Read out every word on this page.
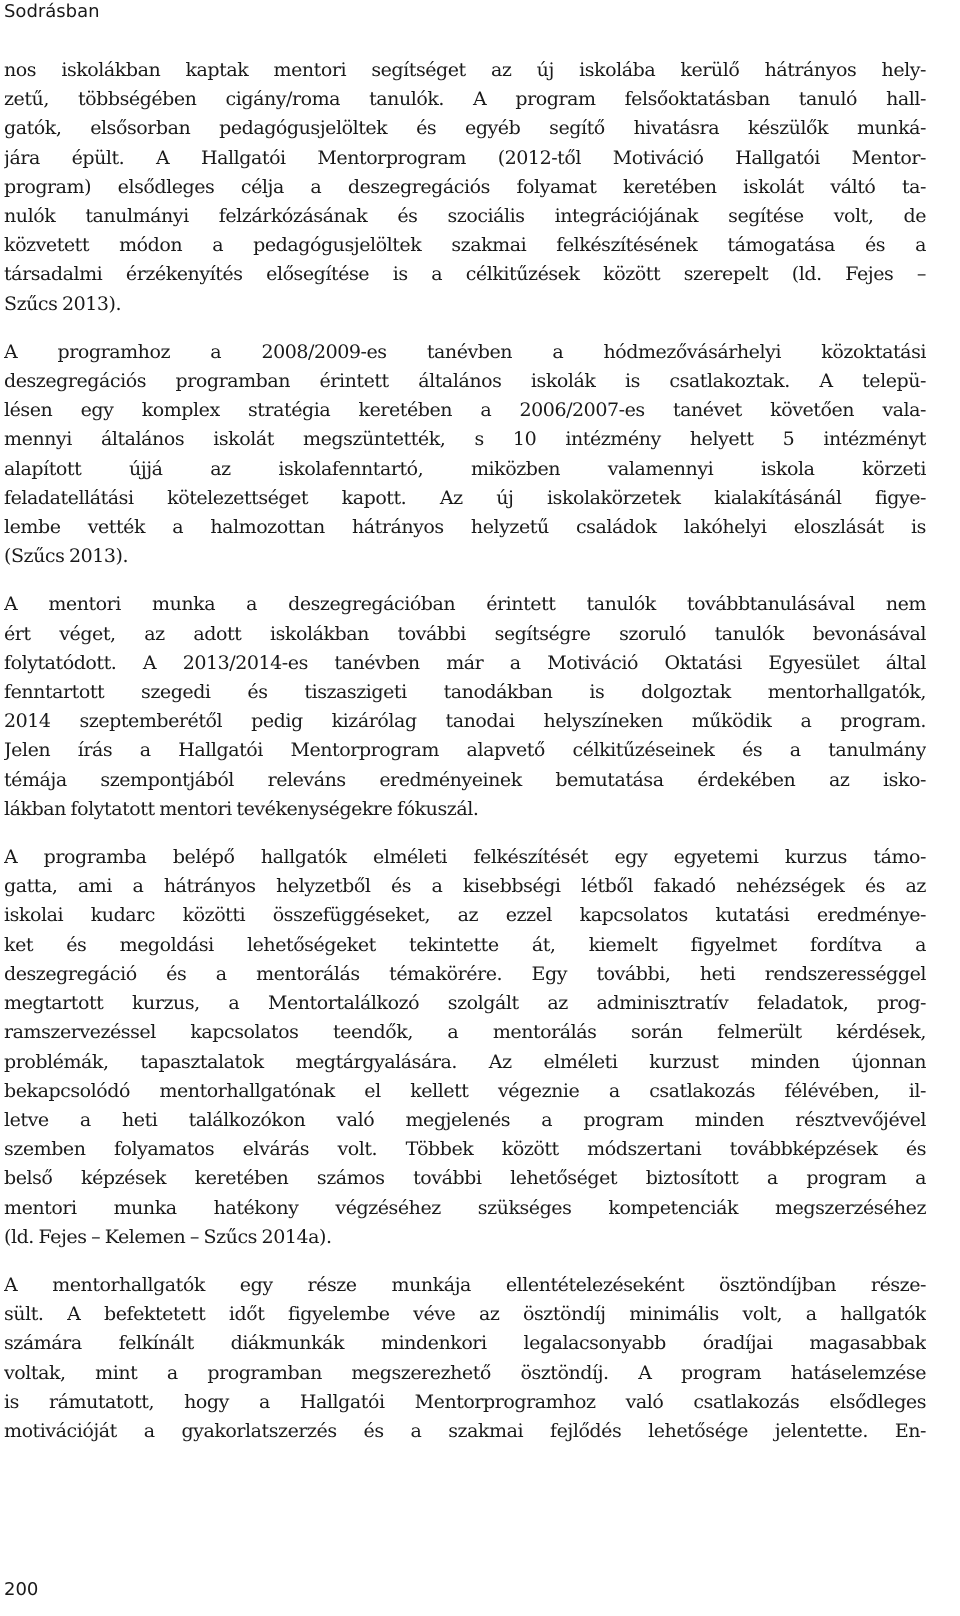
Sodrásban

nos iskolákban kaptak mentori segítséget az új iskolába kerülő hátrányos hely-
zetű, többségében cigány/roma tanulók. A program felsőoktatásban tanuló hall-
gatók, elsősorban pedagógusjelöltek és egyéb segítő hivatásra készülők munká-
jára épült. A Hallgatói Mentorprogram (2012-től Motiváció Hallgatói Mentor-
program) elsődleges célja a deszegregációs folyamat keretében iskolát váltó ta-
nulók tanulmányi felzárkózásának és szociális integrációjának segítése volt, de
közvetett módon a pedagógusjelöltek szakmai felkészítésének támogatása és a
társadalmi érzékenyítés elősegítése is a célkitűzések között szerepelt (ld. Fejes –
Szűcs 2013).

A programhoz a 2008/2009-es tanévben a hódmezővásárhelyi közoktatási
deszegregációs programban érintett általános iskolák is csatlakoztak. A telepü-
lésen egy komplex stratégia keretében a 2006/2007-es tanévet követően vala-
mennyi általános iskolát megszüntették, s 10 intézmény helyett 5 intézményt
alapított újjá az iskolafenntartó, miközben valamennyi iskola körzeti
feladatellátási kötelezettséget kapott. Az új iskolakörzetek kialakításánál figye-
lembe vették a halmozottan hátrányos helyzetű családok lakóhelyi eloszlását is
(Szűcs 2013).

A mentori munka a deszegregációban érintett tanulók továbbtanulásával nem
ért véget, az adott iskolákban további segítségre szoruló tanulók bevonásával
folytatódott. A 2013/2014-es tanévben már a Motiváció Oktatási Egyesület által
fenntartott szegedi és tiszaszigeti tanodákban is dolgoztak mentorhallgatók,
2014 szeptemberétől pedig kizárólag tanodai helyszíneken működik a program.
Jelen írás a Hallgatói Mentorprogram alapvető célkitűzéseinek és a tanulmány
témája szempontjából releváns eredményeinek bemutatása érdekében az isko-
lákban folytatott mentori tevékenységekre fókuszál.

A programba belépő hallgatók elméleti felkészítését egy egyetemi kurzus támo-
gatta, ami a hátrányos helyzetből és a kisebbségi létből fakadó nehézségek és az
iskolai kudarc közötti összefüggéseket, az ezzel kapcsolatos kutatási eredménye-
ket és megoldási lehetőségeket tekintette át, kiemelt figyelmet fordítva a
deszegregáció és a mentorálás témakörére. Egy további, heti rendszerességgel
megtartott kurzus, a Mentortalálkozó szolgált az adminisztratív feladatok, prog-
ramszervezéssel kapcsolatos teendők, a mentorálás során felmerült kérdések,
problémák, tapasztalatok megtárgyalására. Az elméleti kurzust minden újonnan
bekapcsolódó mentorhallgatónak el kellett végeznie a csatlakozás félévében, il-
letve a heti találkozókon való megjelenés a program minden résztvevőjével
szemben folyamatos elvárás volt. Többek között módszertani továbbképzések és
belső képzések keretében számos további lehetőséget biztosított a program a
mentori munka hatékony végzéséhez szükséges kompetenciák megszerzéséhez
(ld. Fejes – Kelemen – Szűcs 2014a).

A mentorhallgatók egy része munkája ellentételezéseként ösztöndíjban része-
sült. A befektetett időt figyelembe véve az ösztöndíj minimális volt, a hallgatók
számára felkínált diákmunkák mindenkori legalacsonyabb óradíjai magasabbak
voltak, mint a programban megszerezhető ösztöndíj. A program hatáselemzése
is rámutatott, hogy a Hallgatói Mentorprogramhoz való csatlakozás elsődleges
motivációját a gyakorlatszerzés és a szakmai fejlődés lehetősége jelentette. En-

200
